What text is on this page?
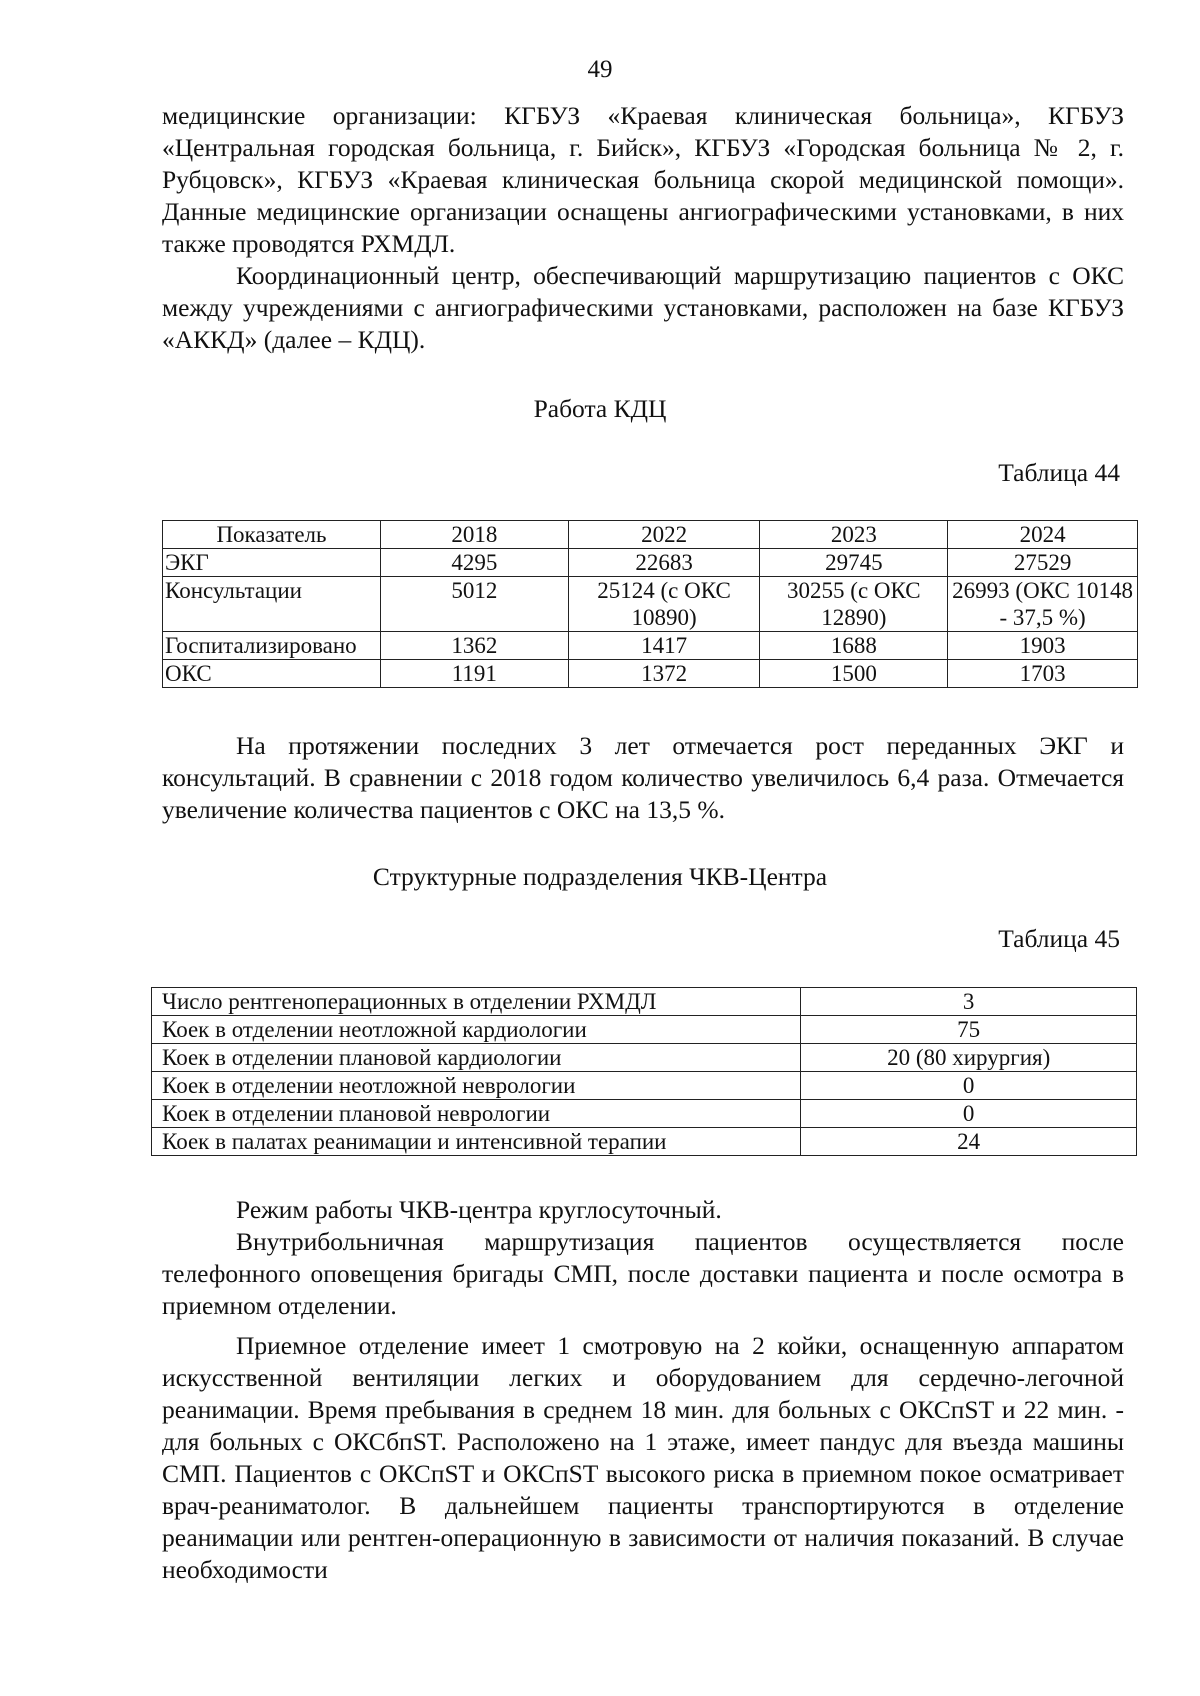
49

медицинские организации: КГБУЗ «Краевая клиническая больница», КГБУЗ «Центральная городская больница, г. Бийск», КГБУЗ «Городская больница № 2, г. Рубцовск», КГБУЗ «Краевая клиническая больница скорой медицинской помощи». Данные медицинские организации оснащены ангиографическими установками, в них также проводятся РХМДЛ.

Координационный центр, обеспечивающий маршрутизацию пациентов с ОКС между учреждениями с ангиографическими установками, расположен на базе КГБУЗ «АККД» (далее – КДЦ).

Работа КДЦ
Таблица 44
Показатель	2018	2022	2023	2024
ЭКГ	4295	22683	29745	27529
Консультации	5012	25124 (с ОКС 10890)	30255 (с ОКС 12890)	26993 (ОКС 10148 - 37,5 %)
Госпитализировано	1362	1417	1688	1903
ОКС	1191	1372	1500	1703

На протяжении последних 3 лет отмечается рост переданных ЭКГ и консультаций. В сравнении с 2018 годом количество увеличилось 6,4 раза. Отмечается увеличение количества пациентов с ОКС на 13,5 %.

Структурные подразделения ЧКВ-Центра
Таблица 45
Число рентгеноперационных в отделении РХМДЛ	3
Коек в отделении неотложной кардиологии	75
Коек в отделении плановой кардиологии	20 (80 хирургия)
Коек в отделении неотложной неврологии	0
Коек в отделении плановой неврологии	0
Коек в палатах реанимации и интенсивной терапии	24

Режим работы ЧКВ-центра круглосуточный.

Внутрибольничная маршрутизация пациентов осуществляется после телефонного оповещения бригады СМП, после доставки пациента и после осмотра в приемном отделении.

Приемное отделение имеет 1 смотровую на 2 койки, оснащенную аппаратом искусственной вентиляции легких и оборудованием для сердечно-легочной реанимации. Время пребывания в среднем 18 мин. для больных с ОКСпST и 22 мин. - для больных с ОКСбпST. Расположено на 1 этаже, имеет пандус для въезда машины СМП. Пациентов с ОКСпST и ОКСпST высокого риска в приемном покое осматривает врач-реаниматолог. В дальнейшем пациенты транспортируются в отделение реанимации или рентген-операционную в зависимости от наличия показаний. В случае необходимости
